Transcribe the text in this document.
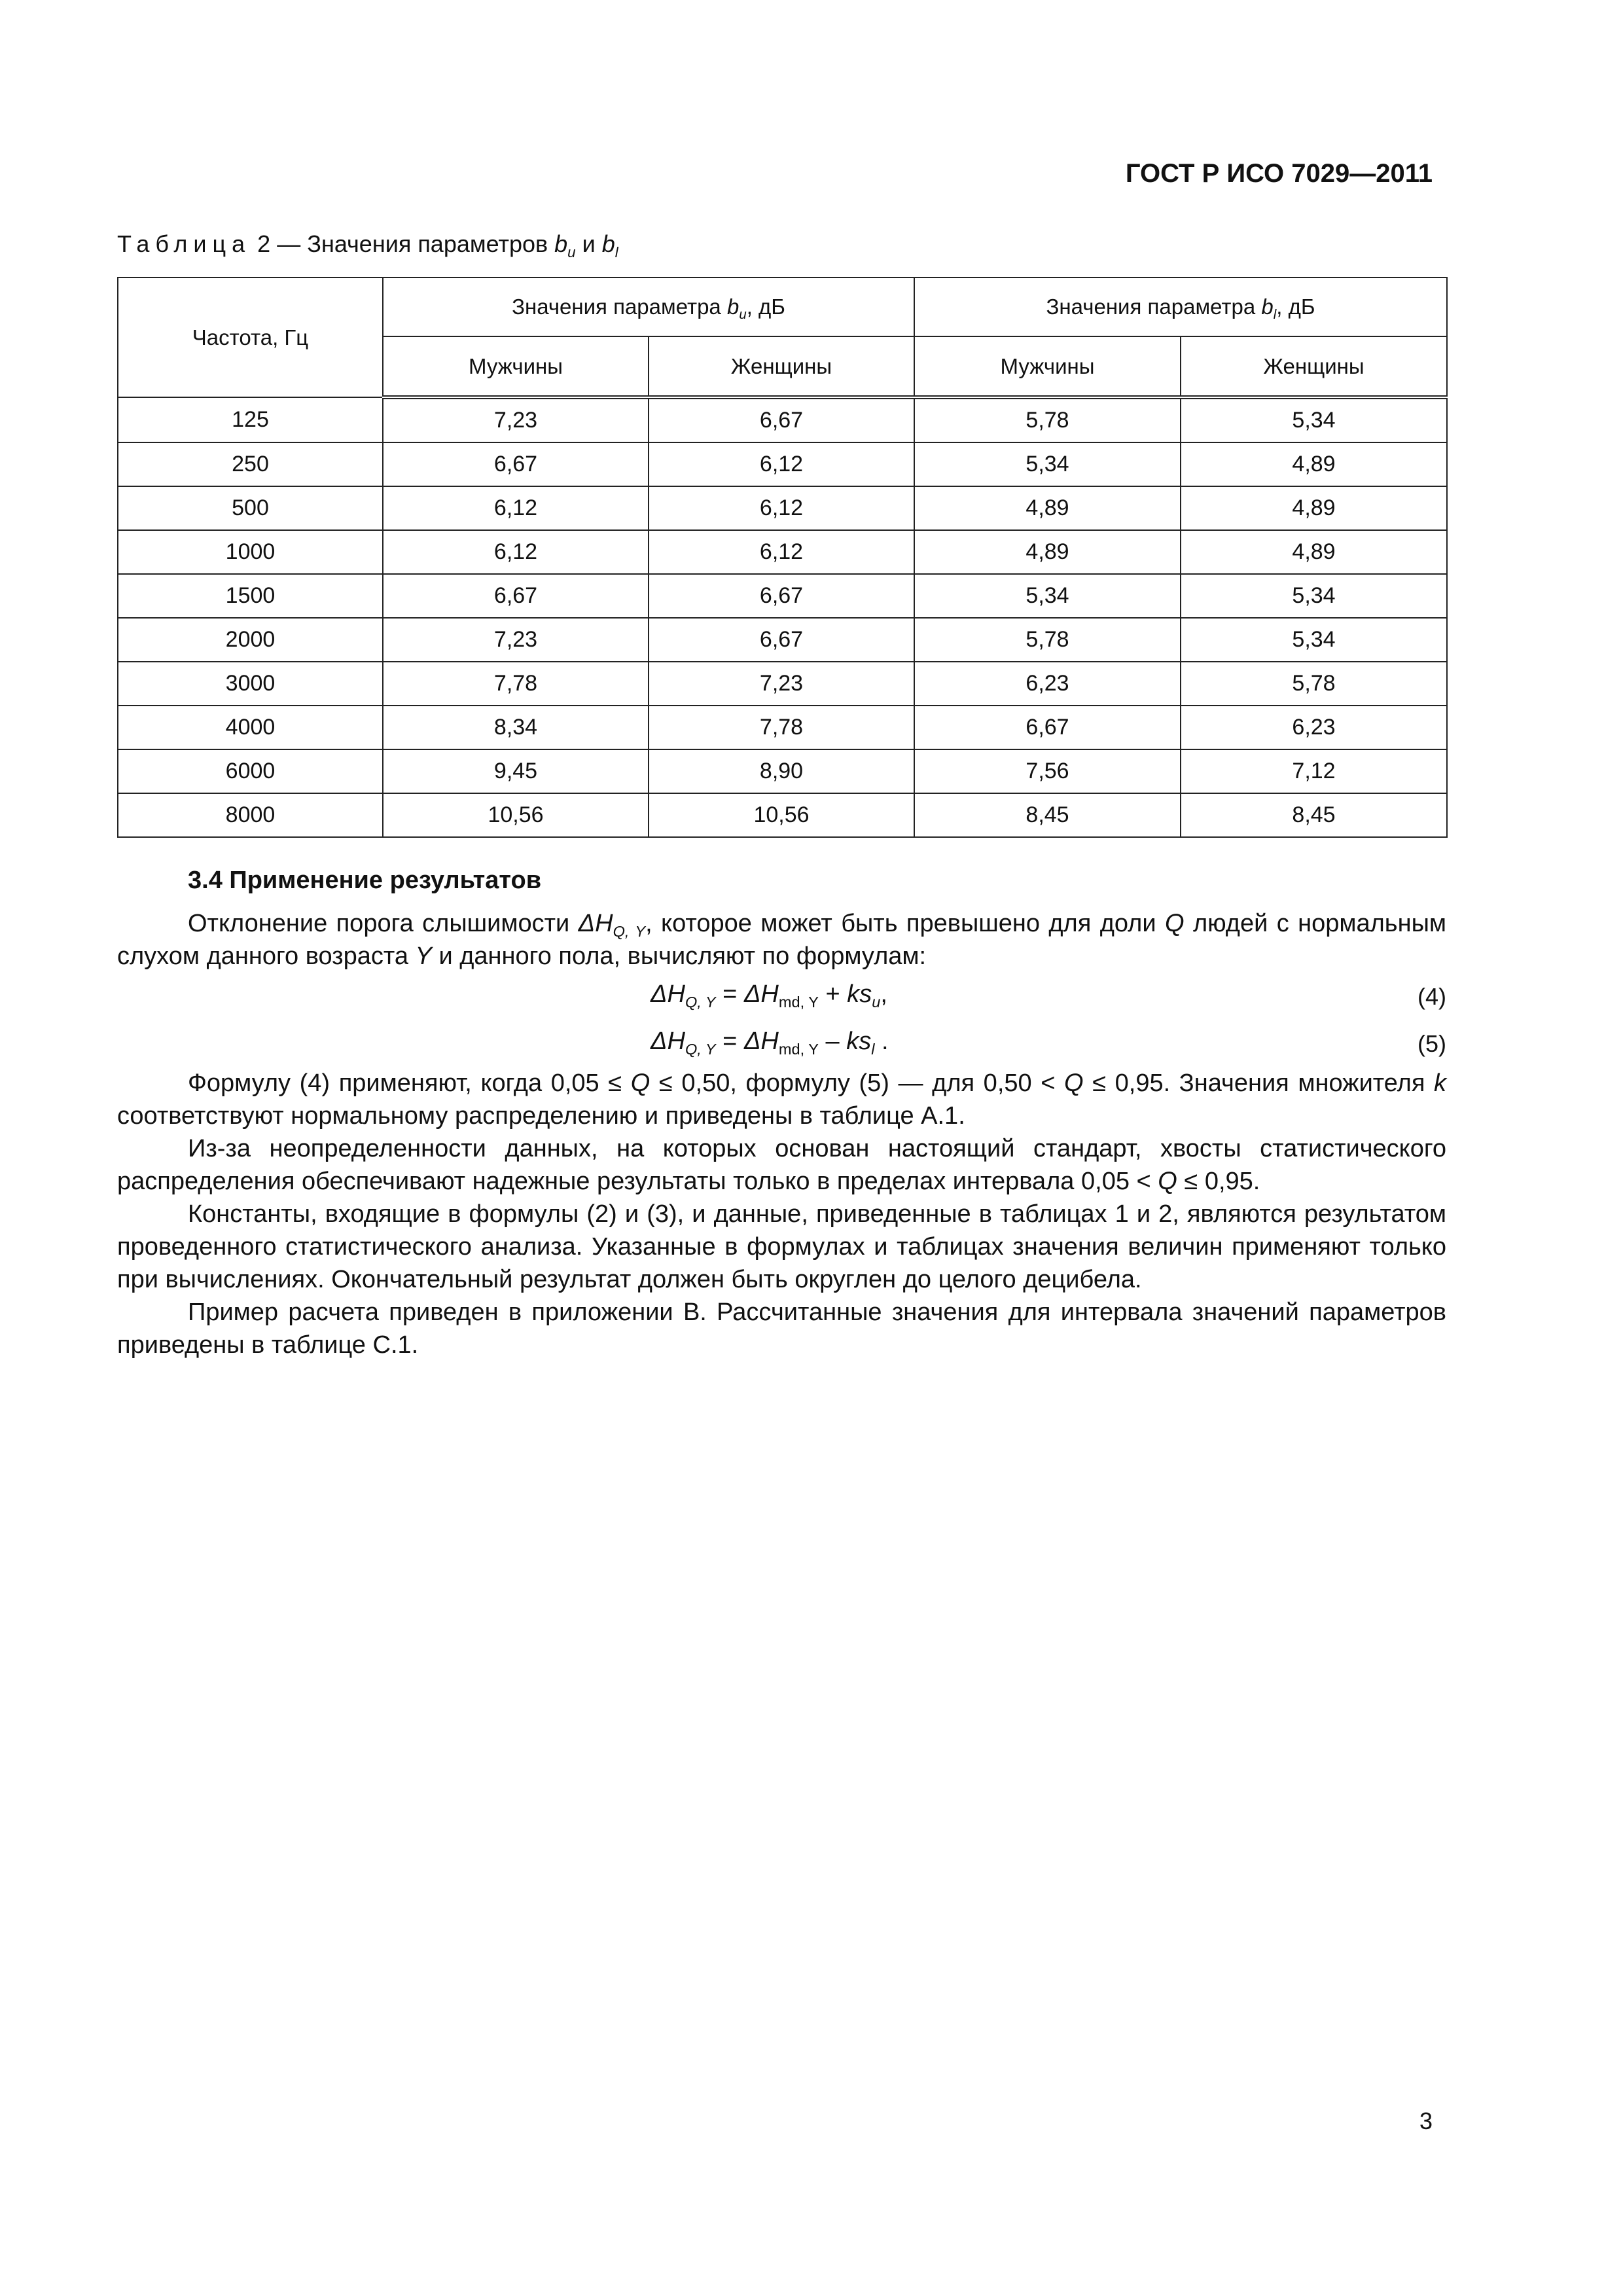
ГОСТ Р ИСО 7029—2011
Таблица 2 — Значения параметров $b_u$ и $b_l$
Частота, Гц	Значения параметра $b_u$, дБ		Значения параметра $b_l$, дБ	
	Мужчины	Женщины	Мужчины	Женщины
125	7,23	6,67	5,78	5,34
250	6,67	6,12	5,34	4,89
500	6,12	6,12	4,89	4,89
1000	6,12	6,12	4,89	4,89
1500	6,67	6,67	5,34	5,34
2000	7,23	6,67	5,78	5,34
3000	7,78	7,23	6,23	5,78
4000	8,34	7,78	6,67	6,23
6000	9,45	8,90	7,56	7,12
8000	10,56	10,56	8,45	8,45
3.4 Применение результатов

Отклонение порога слышимости $\Delta H_{Q, Y}$, которое может быть превышено для доли Q людей с нормальным слухом данного возраста Y и данного пола, вычисляют по формулам:

$\Delta H_{Q, Y} = \Delta H_{md, Y} + ks_u$,	(4)
$\Delta H_{Q, Y} = \Delta H_{md, Y} - ks_l$ .	(5)

Формулу (4) применяют, когда 0,05 ≤ Q ≤ 0,50, формулу (5) — для 0,50 < Q ≤ 0,95. Значения множителя k соответствуют нормальному распределению и приведены в таблице А.1.

Из-за неопределенности данных, на которых основан настоящий стандарт, хвосты статистического распределения обеспечивают надежные результаты только в пределах интервала 0,05 < Q ≤ 0,95.

Константы, входящие в формулы (2) и (3), и данные, приведенные в таблицах 1 и 2, являются результатом проведенного статистического анализа. Указанные в формулах и таблицах значения величин применяют только при вычислениях. Окончательный результат должен быть округлен до целого децибела.

Пример расчета приведен в приложении В. Рассчитанные значения для интервала значений параметров приведены в таблице С.1.

3
